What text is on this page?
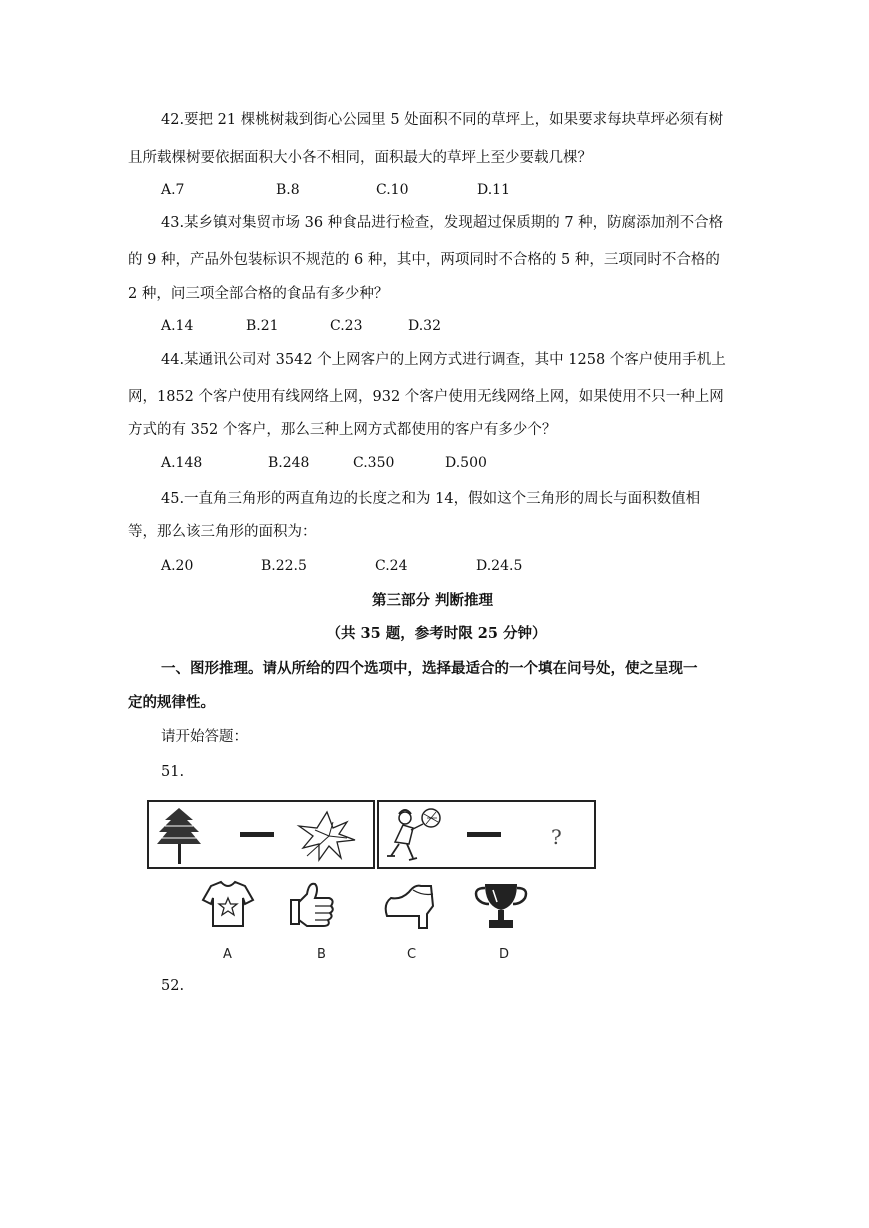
42.要把 21 棵桃树栽到街心公园里 5 处面积不同的草坪上，如果要求每块草坪必须有树
且所载棵树要依据面积大小各不相同，面积最大的草坪上至少要载几棵？
A.7	B.8	C.10	D.11
43.某乡镇对集贸市场 36 种食品进行检查，发现超过保质期的 7 种，防腐添加剂不合格
的 9 种，产品外包装标识不规范的 6 种，其中，两项同时不合格的 5 种，三项同时不合格的
2 种，问三项全部合格的食品有多少种？
A.14	B.21	C.23	D.32
44.某通讯公司对 3542 个上网客户的上网方式进行调查，其中 1258 个客户使用手机上
网，1852 个客户使用有线网络上网，932 个客户使用无线网络上网，如果使用不只一种上网
方式的有 352 个客户，那么三种上网方式都使用的客户有多少个？
A.148	B.248	C.350	D.500
45.一直角三角形的两直角边的长度之和为 14，假如这个三角形的周长与面积数值相
等，那么该三角形的面积为：
A.20	B.22.5	C.24	D.24.5
第三部分 判断推理
（共 35 题，参考时限 25 分钟）
一、图形推理。请从所给的四个选项中，选择最适合的一个填在问号处，使之呈现一
定的规律性。
请开始答题：
51.
?
A	B	C	D
52.
